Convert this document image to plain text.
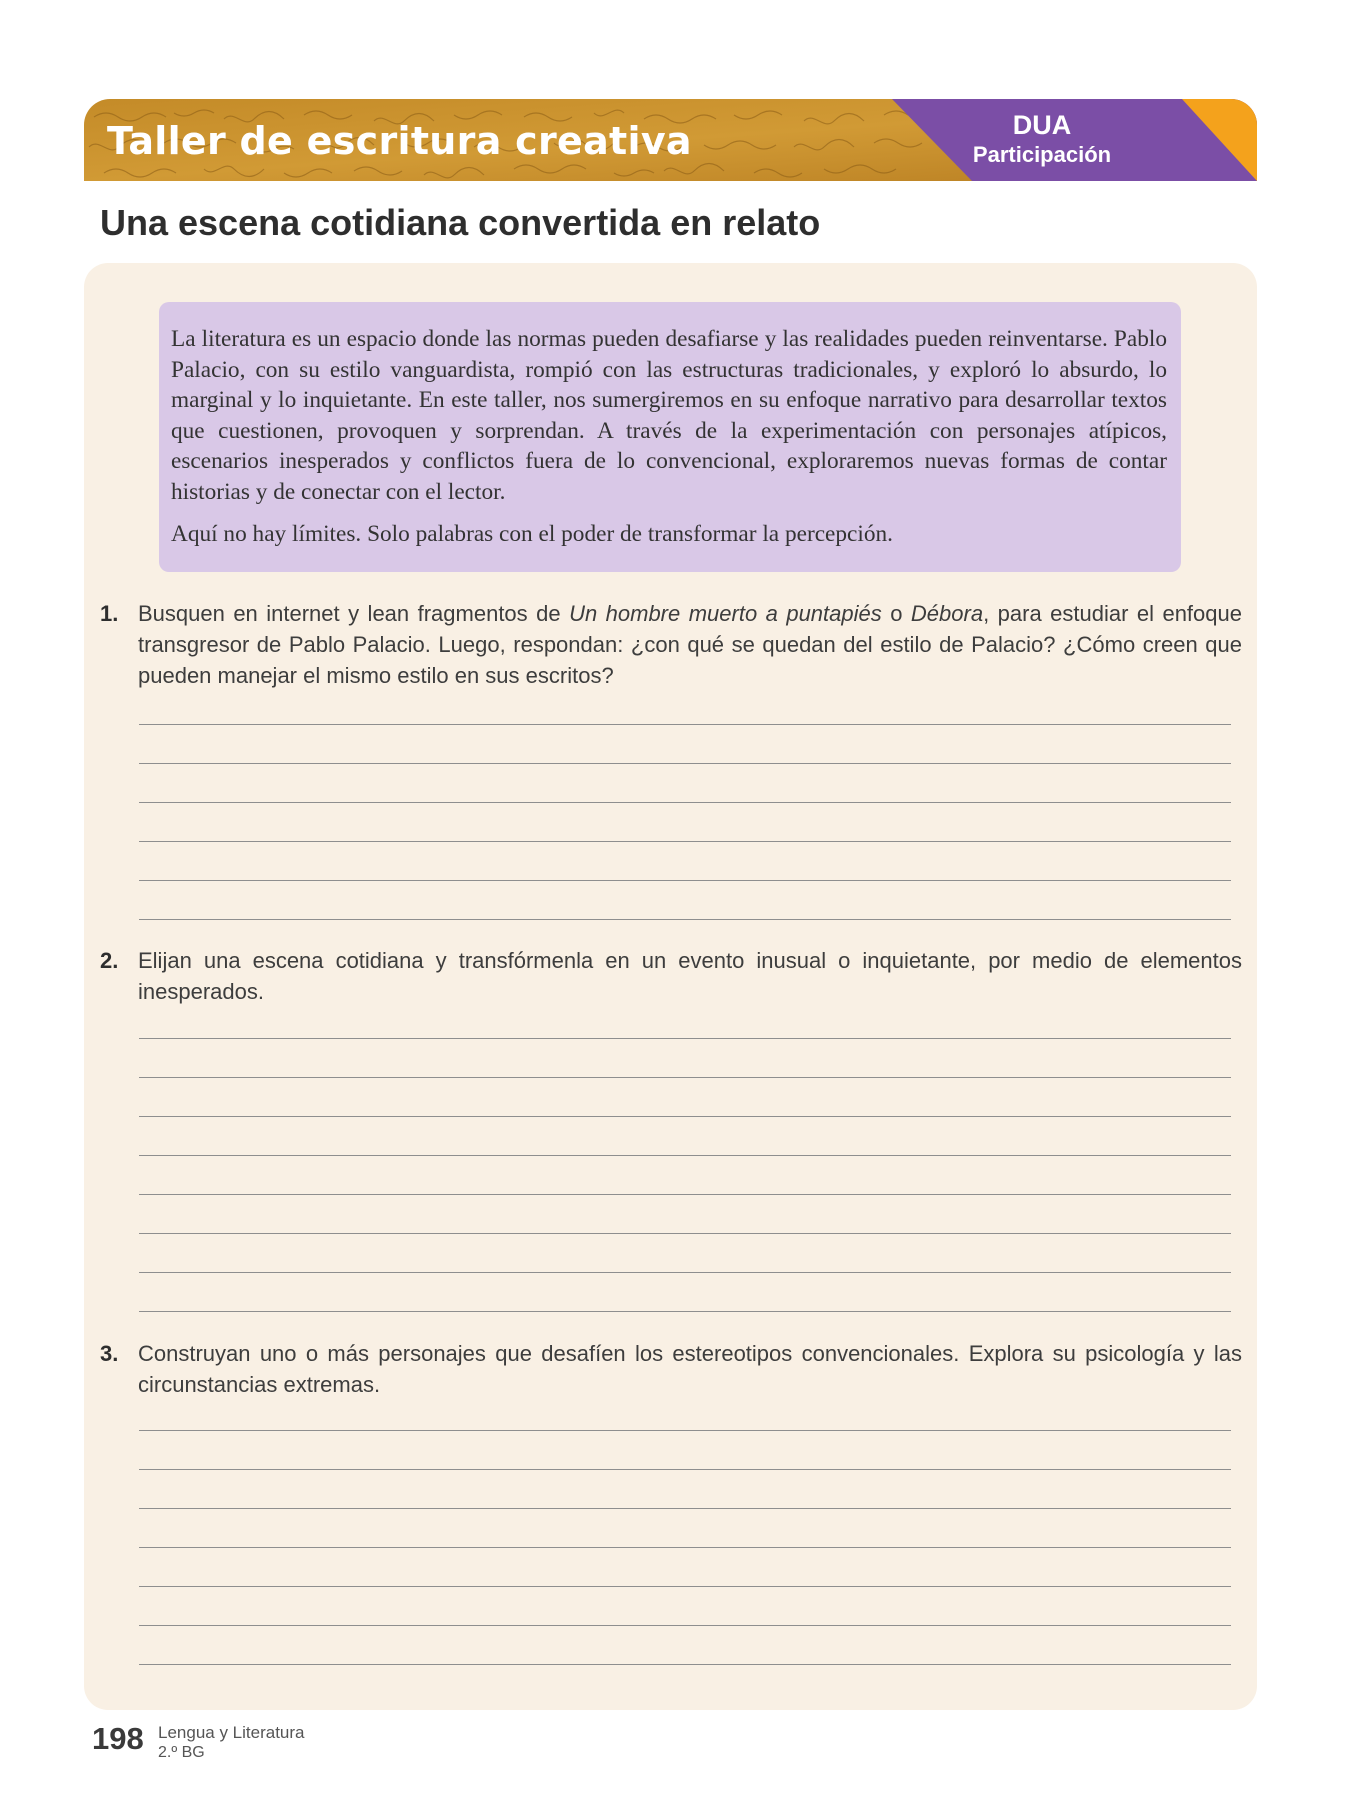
Taller de escritura creativa	DUA
Participación
Una escena cotidiana convertida en relato

La literatura es un espacio donde las normas pueden desafiarse y las realidades pueden reinventarse. Pablo Palacio, con su estilo vanguardista, rompió con las estructuras tradicionales, y exploró lo absurdo, lo marginal y lo inquietante. En este taller, nos sumergiremos en su enfoque narrativo para desarrollar textos que cuestionen, provoquen y sorprendan. A través de la experimentación con personajes atípicos, escenarios inesperados y conflictos fuera de lo convencional, exploraremos nuevas formas de contar historias y de conectar con el lector.

Aquí no hay límites. Solo palabras con el poder de transformar la percepción.

1. Busquen en internet y lean fragmentos de Un hombre muerto a puntapiés o Débora, para estudiar el enfoque transgresor de Pablo Palacio. Luego, respondan: ¿con qué se quedan del estilo de Palacio? ¿Cómo creen que pueden manejar el mismo estilo en sus escritos?
2. Elijan una escena cotidiana y transfórmenla en un evento inusual o inquietante, por medio de elementos inesperados.
3. Construyan uno o más personajes que desafíen los estereotipos convencionales. Explora su psicología y las circunstancias extremas.
198 Lengua y Literatura
2.º BG
